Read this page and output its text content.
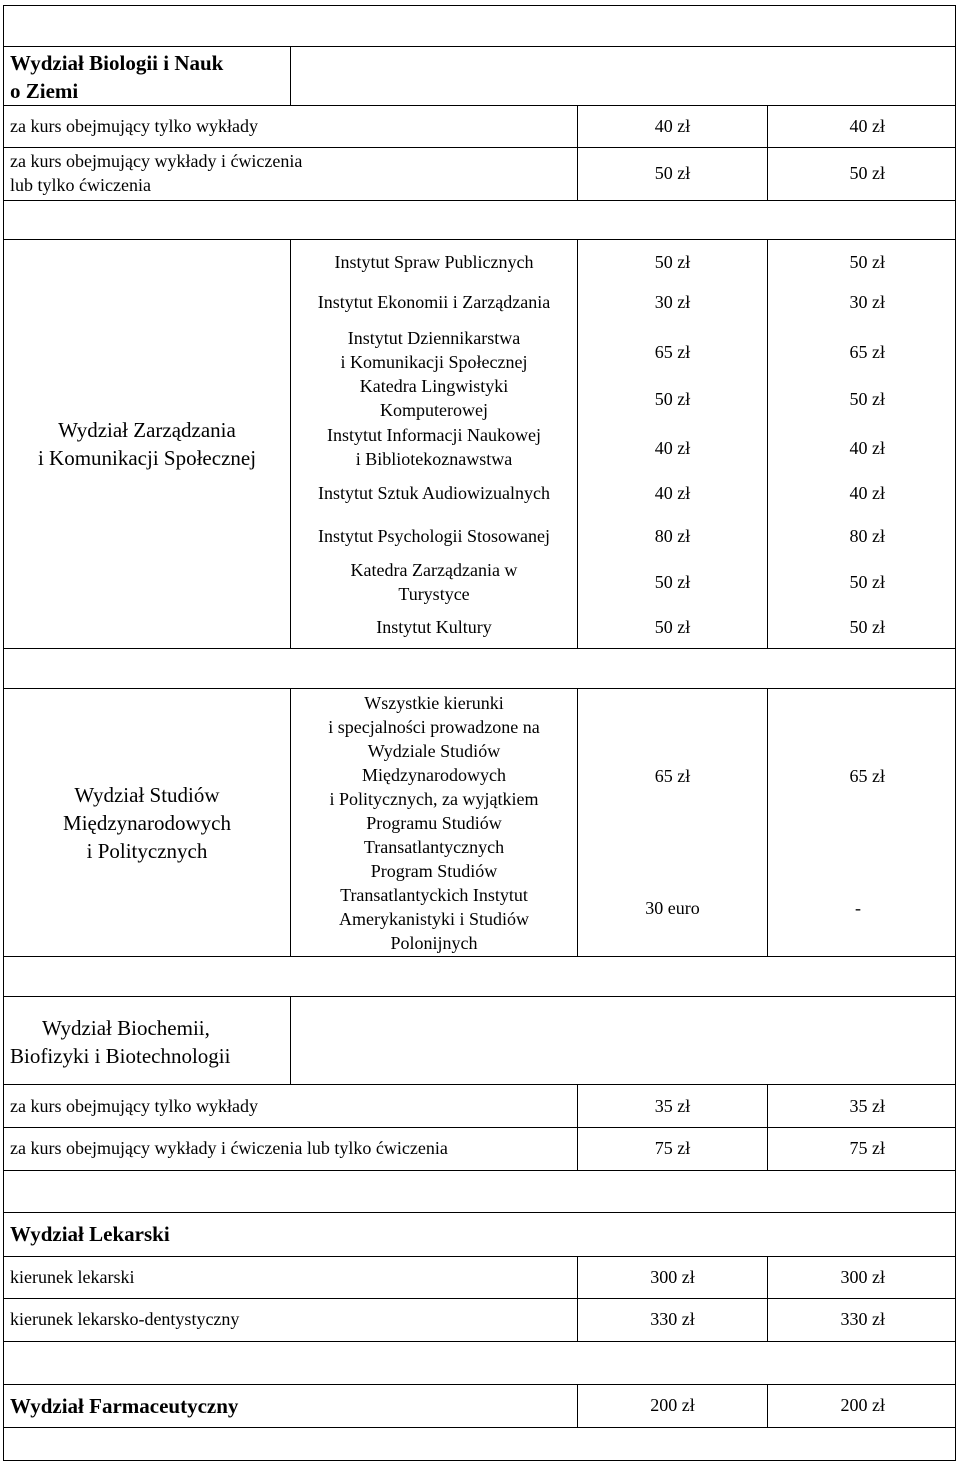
Wydział Biologii i Nauk
o Ziemi
za kurs obejmujący tylko wykłady	40 zł	40 zł
za kurs obejmujący wykłady i ćwiczenia
lub tylko ćwiczenia
50 zł	50 zł
Wydział Zarządzania
i Komunikacji Społecznej
Instytut Spraw Publicznych	50 zł	50 zł
Instytut Ekonomii i Zarządzania	30 zł	30 zł
Instytut Dziennikarstwa
i Komunikacji Społecznej	65 zł	65 zł
Katedra Lingwistyki
Komputerowej
50 zł	50 zł
Instytut Informacji Naukowej
i Bibliotekoznawstwa
40 zł	40 zł
Instytut Sztuk Audiowizualnych	40 zł	40 zł
Instytut Psychologii Stosowanej	80 zł	80 zł
Katedra Zarządzania w
Turystyce
50 zł	50 zł
Instytut Kultury	50 zł	50 zł
Wydział Studiów
Międzynarodowych
i Politycznych
Wszystkie kierunki
i specjalności prowadzone na
Wydziale Studiów
Międzynarodowych
i Politycznych, za wyjątkiem
Programu Studiów
Transatlantycznych
65 zł	65 zł
Program Studiów
Transatlantyckich Instytut
Amerykanistyki i Studiów
Polonijnych
30 euro	-
Wydział Biochemii,
Biofizyki i Biotechnologii
za kurs obejmujący tylko wykłady	35 zł	35 zł
za kurs obejmujący wykłady i ćwiczenia lub tylko ćwiczenia	75 zł	75 zł
Wydział Lekarski
kierunek lekarski	300 zł	300 zł
kierunek lekarsko-dentystyczny	330 zł	330 zł
Wydział Farmaceutyczny	200 zł	200 zł
